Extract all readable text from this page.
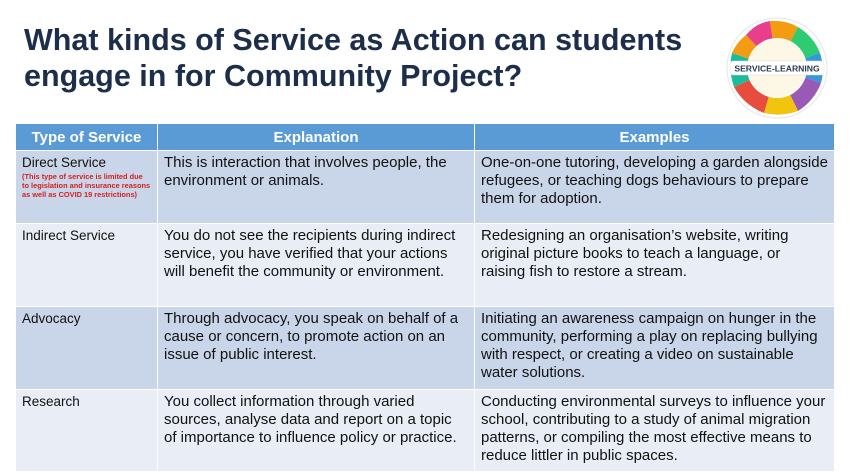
What kinds of Service as Action can students
engage in for Community Project?	SERVICE-LEARNING
Type of Service	Explanation	Examples
Direct Service
(This type of service is limited due to legislation and insurance reasons as well as COVID 19 restrictions)	This is interaction that involves people, the environment or animals.	One-on-one tutoring, developing a garden alongside refugees, or teaching dogs behaviours to prepare them for adoption.
Indirect Service	You do not see the recipients during indirect service, you have verified that your actions will benefit the community or environment.	Redesigning an organisation’s website, writing original picture books to teach a language, or raising fish to restore a stream.
Advocacy	Through advocacy, you speak on behalf of a cause or concern, to promote action on an issue of public interest.	Initiating an awareness campaign on hunger in the community, performing a play on replacing bullying with respect, or creating a video on sustainable water solutions.
Research	You collect information through varied sources, analyse data and report on a topic of importance to influence policy or practice.	Conducting environmental surveys to influence your school, contributing to a study of animal migration patterns, or compiling the most effective means to reduce littler in public spaces.
